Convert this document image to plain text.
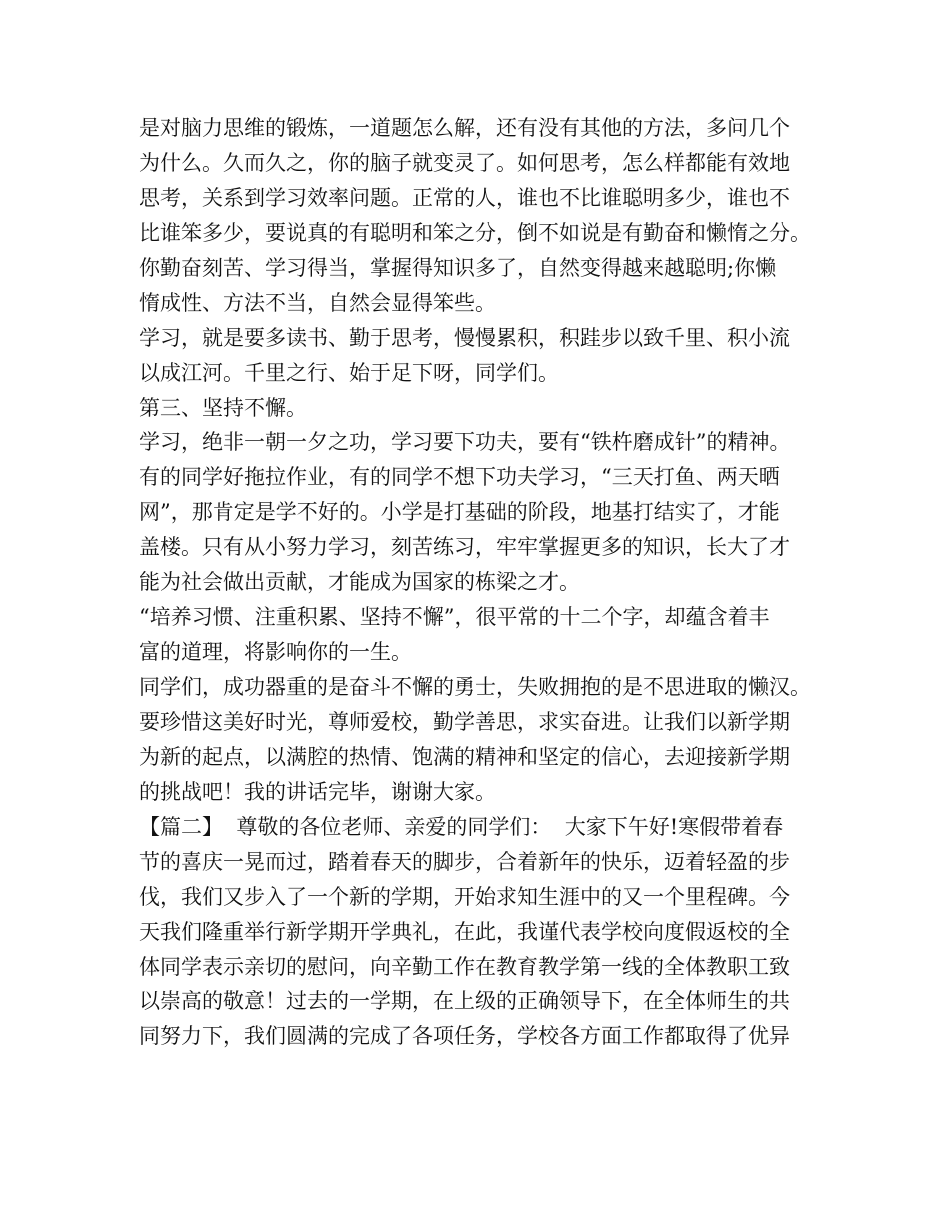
是对脑力思维的锻炼，一道题怎么解，还有没有其他的方法，多问几个
为什么。久而久之，你的脑子就变灵了。如何思考，怎么样都能有效地
思考，关系到学习效率问题。正常的人，谁也不比谁聪明多少，谁也不
比谁笨多少，要说真的有聪明和笨之分，倒不如说是有勤奋和懒惰之分。
你勤奋刻苦、学习得当，掌握得知识多了，自然变得越来越聪明;你懒
惰成性、方法不当，自然会显得笨些。
学习，就是要多读书、勤于思考，慢慢累积，积跬步以致千里、积小流
以成江河。千里之行、始于足下呀，同学们。
第三、坚持不懈。
学习，绝非一朝一夕之功，学习要下功夫，要有“铁杵磨成针”的精神。
有的同学好拖拉作业，有的同学不想下功夫学习，“三天打鱼、两天晒
网”，那肯定是学不好的。小学是打基础的阶段，地基打结实了，才能
盖楼。只有从小努力学习，刻苦练习，牢牢掌握更多的知识，长大了才
能为社会做出贡献，才能成为国家的栋梁之才。
“培养习惯、注重积累、坚持不懈”，很平常的十二个字，却蕴含着丰
富的道理，将影响你的一生。
同学们，成功器重的是奋斗不懈的勇士，失败拥抱的是不思进取的懒汉。
要珍惜这美好时光，尊师爱校，勤学善思，求实奋进。让我们以新学期
为新的起点，以满腔的热情、饱满的精神和坚定的信心，去迎接新学期
的挑战吧！我的讲话完毕，谢谢大家。
【篇二】  尊敬的各位老师、亲爱的同学们：  大家下午好!寒假带着春
节的喜庆一晃而过，踏着春天的脚步，合着新年的快乐，迈着轻盈的步
伐，我们又步入了一个新的学期，开始求知生涯中的又一个里程碑。今
天我们隆重举行新学期开学典礼，在此，我谨代表学校向度假返校的全
体同学表示亲切的慰问，向辛勤工作在教育教学第一线的全体教职工致
以崇高的敬意！过去的一学期，在上级的正确领导下，在全体师生的共
同努力下，我们圆满的完成了各项任务，学校各方面工作都取得了优异
